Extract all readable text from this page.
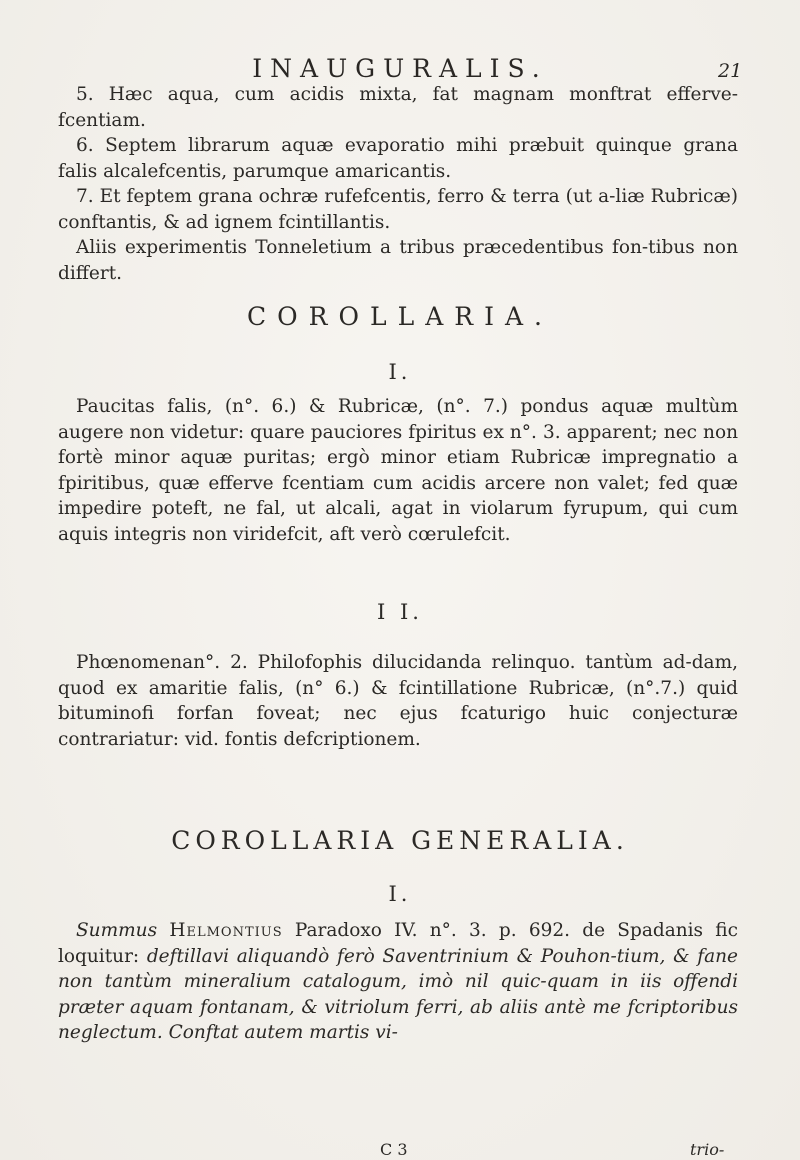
INAUGURALIS.	21

5. Hæc aqua, cum acidis mixta, fat magnam monftrat efferve-fcentiam.

6. Septem librarum aquæ evaporatio mihi præbuit quinque grana falis alcalefcentis, parumque amaricantis.

7. Et feptem grana ochræ rufefcentis, ferro & terra (ut a-liæ Rubricæ) conftantis, & ad ignem fcintillantis.

Aliis experimentis Tonneletium a tribus præcedentibus fon-tibus non differt.

COROLLARIA.
I.

Paucitas falis, (n°. 6.) & Rubricæ, (n°. 7.) pondus aquæ multùm augere non videtur: quare pauciores fpiritus ex n°. 3. apparent; nec non fortè minor aquæ puritas; ergò minor etiam Rubricæ impregnatio a fpiritibus, quæ efferve fcentiam cum acidis arcere non valet; fed quæ impedire poteft, ne fal, ut alcali, agat in violarum fyrupum, qui cum aquis integris non viridefcit, aft verò cœrulefcit.

I I.

Phœnomenan°. 2. Philofophis dilucidanda relinquo. tantùm ad-dam, quod ex amaritie falis, (n° 6.) & fcintillatione Rubricæ, (n°.7.) quid bituminofi forfan foveat; nec ejus fcaturigo huic conjecturæ contrariatur: vid. fontis defcriptionem.

COROLLARIA GENERALIA.
I.

Summus Helmontius Paradoxo IV. n°. 3. p. 692. de Spadanis fic loquitur: deftillavi aliquandò ferò Saventrinium & Pouhon-tium, & fane non tantùm mineralium catalogum, imò nil quic-quam in iis offendi præter aquam fontanam, & vitriolum ferri, ab aliis antè me fcriptoribus neglectum. Conftat autem martis vi-

C 3	trio-
